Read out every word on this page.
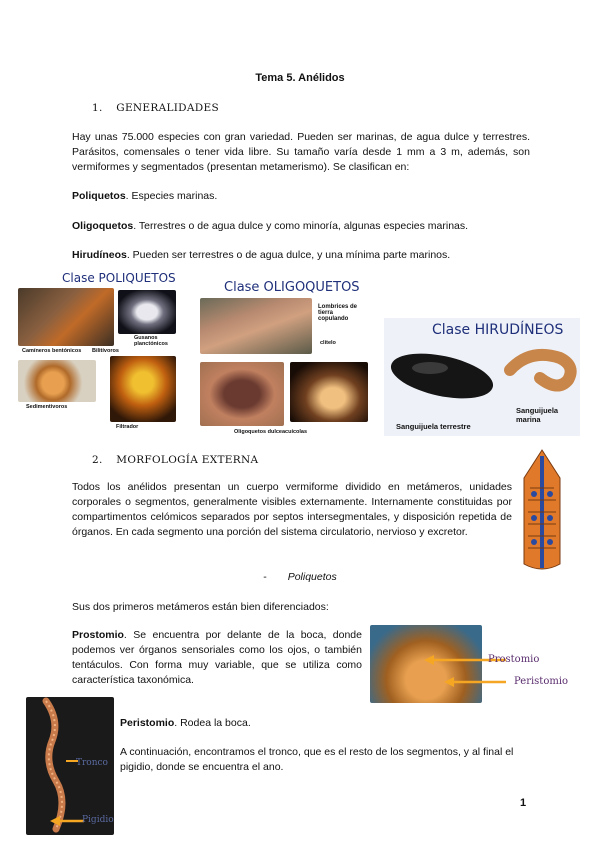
Tema 5. Anélidos
1. GENERALIDADES
Hay unas 75.000 especies con gran variedad. Pueden ser marinas, de agua dulce y terrestres. Parásitos, comensales o tener vida libre. Su tamaño varía desde 1 mm a 3 m, además, son vermiformes y segmentados (presentan metamerismo). Se clasifican en:
Poliquetos. Especies marinas.
Oligoquetos. Terrestres o de agua dulce y como minoría, algunas especies marinas.
Hirudíneos. Pueden ser terrestres o de agua dulce, y una mínima parte marinos.
Clase POLIQUETOS
Camíneros bentónicos
Gusanos planctónicos
Bilitívoros
Sedimentivoros
Filtrador
Clase OLIGOQUETOS
Lombrices de tierra copulando
clitelo
Oligoquetos dulceacuícolas
Clase HIRUDÍNEOS
Sanguijuela terrestre
Sanguijuela marina
2. MORFOLOGÍA EXTERNA
Todos los anélidos presentan un cuerpo vermiforme dividido en metámeros, unidades corporales o segmentos, generalmente visibles externamente. Internamente constituidas por compartimentos celómicos separados por septos intersegmentales, y disposición repetida de órganos. En cada segmento una porción del sistema circulatorio, nervioso y excretor.
- Poliquetos
Sus dos primeros metámeros están bien diferenciados:
Prostomio. Se encuentra por delante de la boca, donde podemos ver órganos sensoriales como los ojos, o también tentáculos. Con forma muy variable, que se utiliza como característica taxonómica.
Prostomio
Peristomio
Tronco
Pigidio
Peristomio. Rodea la boca.
A continuación, encontramos el tronco, que es el resto de los segmentos, y al final el pigidio, donde se encuentra el ano.
1
